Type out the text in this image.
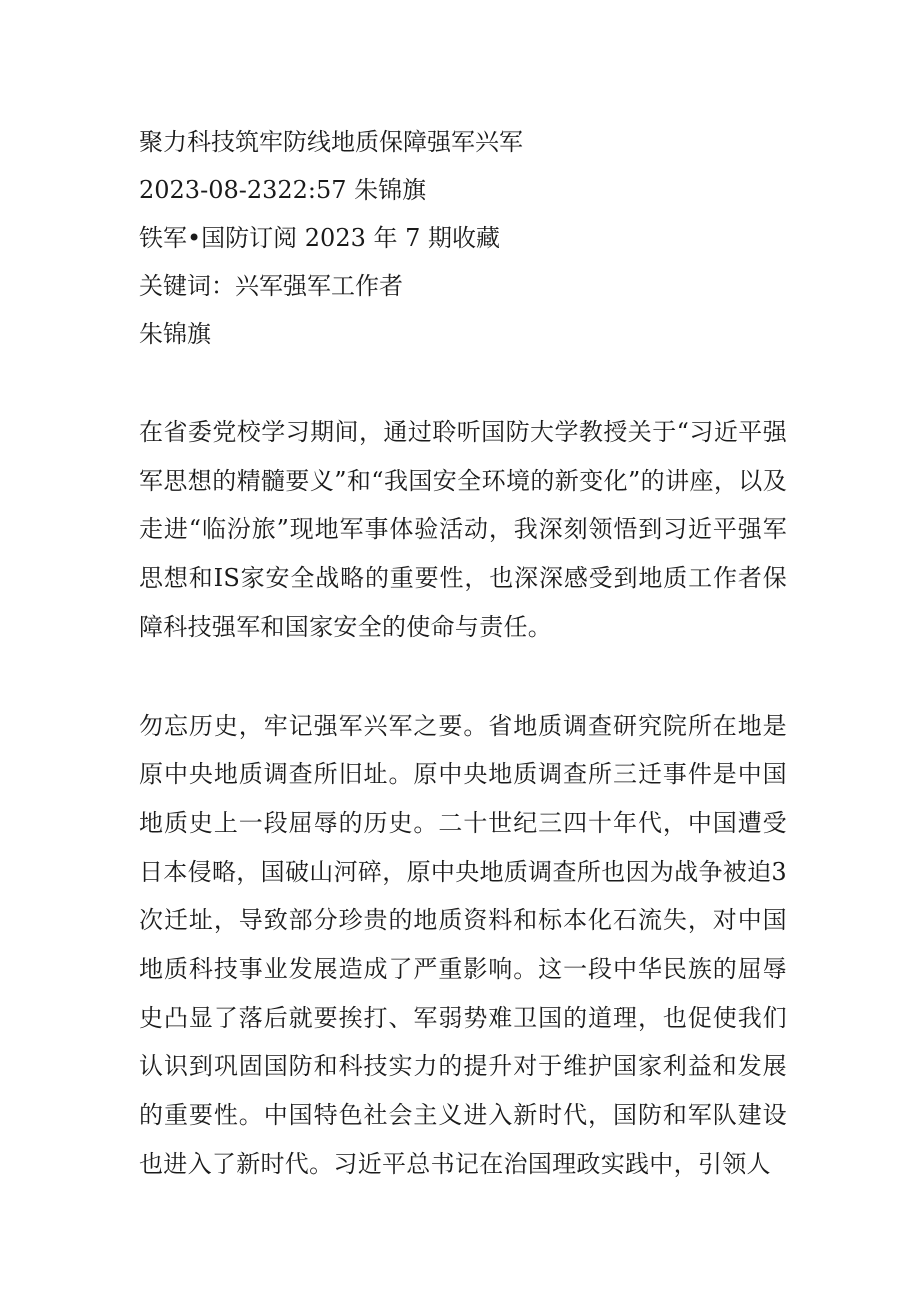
聚力科技筑牢防线地质保障强军兴军

2023-08-2322:57 朱锦旗

铁军•国防订阅 2023 年 7 期收藏

关键词：兴军强军工作者

朱锦旗

在省委党校学习期间，通过聆听国防大学教授关于“习近平强军思想的精髓要义”和“我国安全环境的新变化”的讲座，以及走进“临汾旅”现地军事体验活动，我深刻领悟到习近平强军思想和IS家安全战略的重要性，也深深感受到地质工作者保障科技强军和国家安全的使命与责任。

勿忘历史，牢记强军兴军之要。省地质调查研究院所在地是原中央地质调查所旧址。原中央地质调查所三迁事件是中国地质史上一段屈辱的历史。二十世纪三四十年代，中国遭受日本侵略，国破山河碎，原中央地质调查所也因为战争被迫3次迁址，导致部分珍贵的地质资料和标本化石流失，对中国地质科技事业发展造成了严重影响。这一段中华民族的屈辱史凸显了落后就要挨打、军弱势难卫国的道理，也促使我们认识到巩固国防和科技实力的提升对于维护国家利益和发展的重要性。中国特色社会主义进入新时代，国防和军队建设也进入了新时代。习近平总书记在治国理政实践中，引领人
